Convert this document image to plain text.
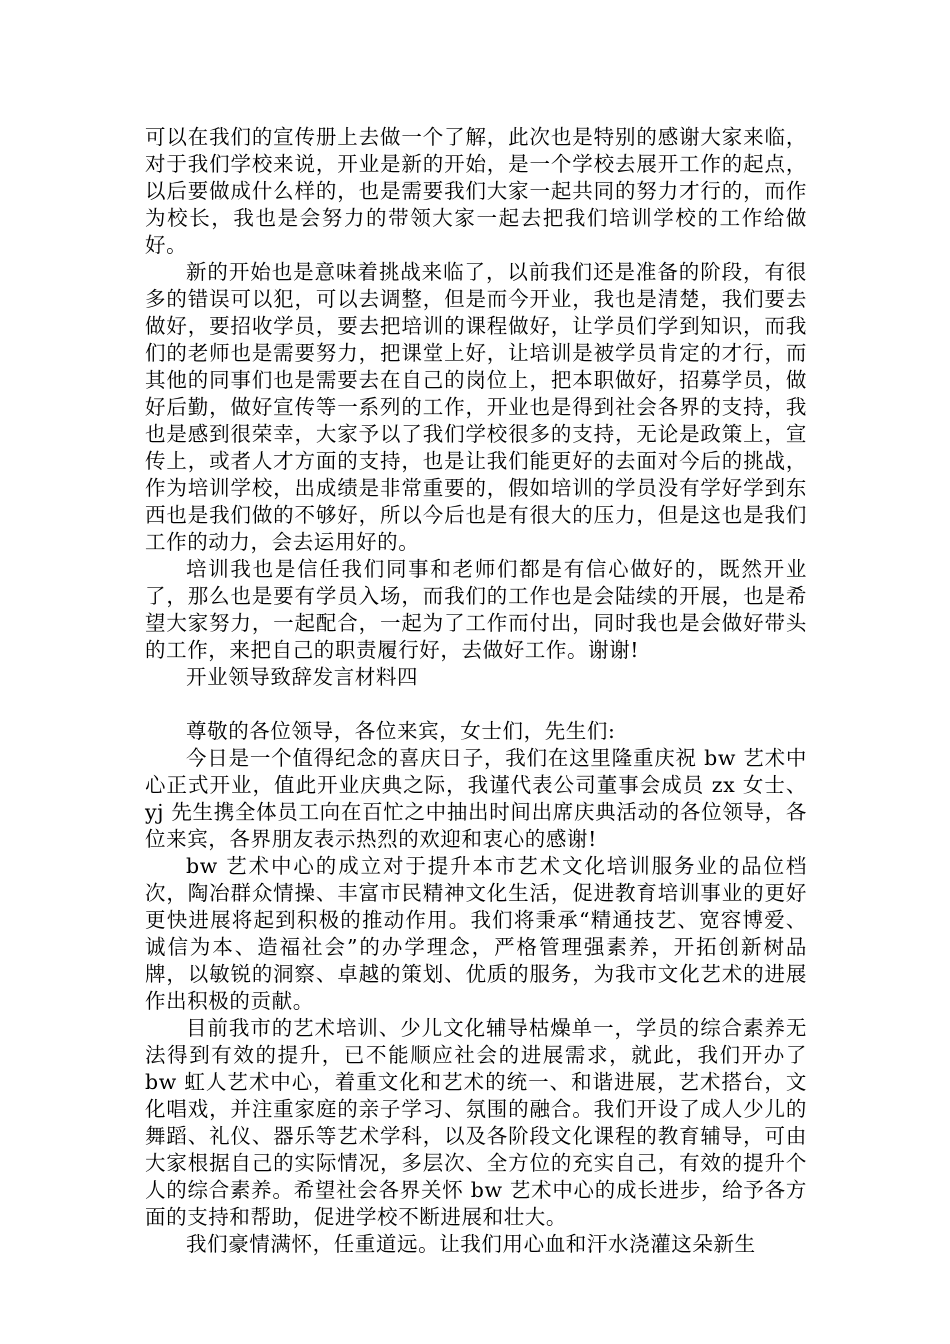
可以在我们的宣传册上去做一个了解，此次也是特别的感谢大家来临，对于我们学校来说，开业是新的开始，是一个学校去展开工作的起点，以后要做成什么样的，也是需要我们大家一起共同的努力才行的，而作为校长，我也是会努力的带领大家一起去把我们培训学校的工作给做好。

新的开始也是意味着挑战来临了，以前我们还是准备的阶段，有很多的错误可以犯，可以去调整，但是而今开业，我也是清楚，我们要去做好，要招收学员，要去把培训的课程做好，让学员们学到知识，而我们的老师也是需要努力，把课堂上好，让培训是被学员肯定的才行，而其他的同事们也是需要去在自己的岗位上，把本职做好，招募学员，做好后勤，做好宣传等一系列的工作，开业也是得到社会各界的支持，我也是感到很荣幸，大家予以了我们学校很多的支持，无论是政策上，宣传上，或者人才方面的支持，也是让我们能更好的去面对今后的挑战，作为培训学校，出成绩是非常重要的，假如培训的学员没有学好学到东西也是我们做的不够好，所以今后也是有很大的压力，但是这也是我们工作的动力，会去运用好的。

培训我也是信任我们同事和老师们都是有信心做好的，既然开业了，那么也是要有学员入场，而我们的工作也是会陆续的开展，也是希望大家努力，一起配合，一起为了工作而付出，同时我也是会做好带头的工作，来把自己的职责履行好，去做好工作。谢谢!

开业领导致辞发言材料四

尊敬的各位领导，各位来宾，女士们，先生们:

今日是一个值得纪念的喜庆日子，我们在这里隆重庆祝 bw 艺术中心正式开业，值此开业庆典之际，我谨代表公司董事会成员 zx 女士、yj 先生携全体员工向在百忙之中抽出时间出席庆典活动的各位领导，各位来宾，各界朋友表示热烈的欢迎和衷心的感谢!

bw 艺术中心的成立对于提升本市艺术文化培训服务业的品位档次，陶冶群众情操、丰富市民精神文化生活，促进教育培训事业的更好更快进展将起到积极的推动作用。我们将秉承“精通技艺、宽容博爱、诚信为本、造福社会”的办学理念，严格管理强素养，开拓创新树品牌，以敏锐的洞察、卓越的策划、优质的服务，为我市文化艺术的进展作出积极的贡献。

目前我市的艺术培训、少儿文化辅导枯燥单一，学员的综合素养无法得到有效的提升，已不能顺应社会的进展需求，就此，我们开办了 bw 虹人艺术中心，着重文化和艺术的统一、和谐进展，艺术搭台，文化唱戏，并注重家庭的亲子学习、氛围的融合。我们开设了成人少儿的舞蹈、礼仪、器乐等艺术学科，以及各阶段文化课程的教育辅导，可由大家根据自己的实际情况，多层次、全方位的充实自己，有效的提升个人的综合素养。希望社会各界关怀 bw 艺术中心的成长进步，给予各方面的支持和帮助，促进学校不断进展和壮大。

我们豪情满怀，任重道远。让我们用心血和汗水浇灌这朵新生
